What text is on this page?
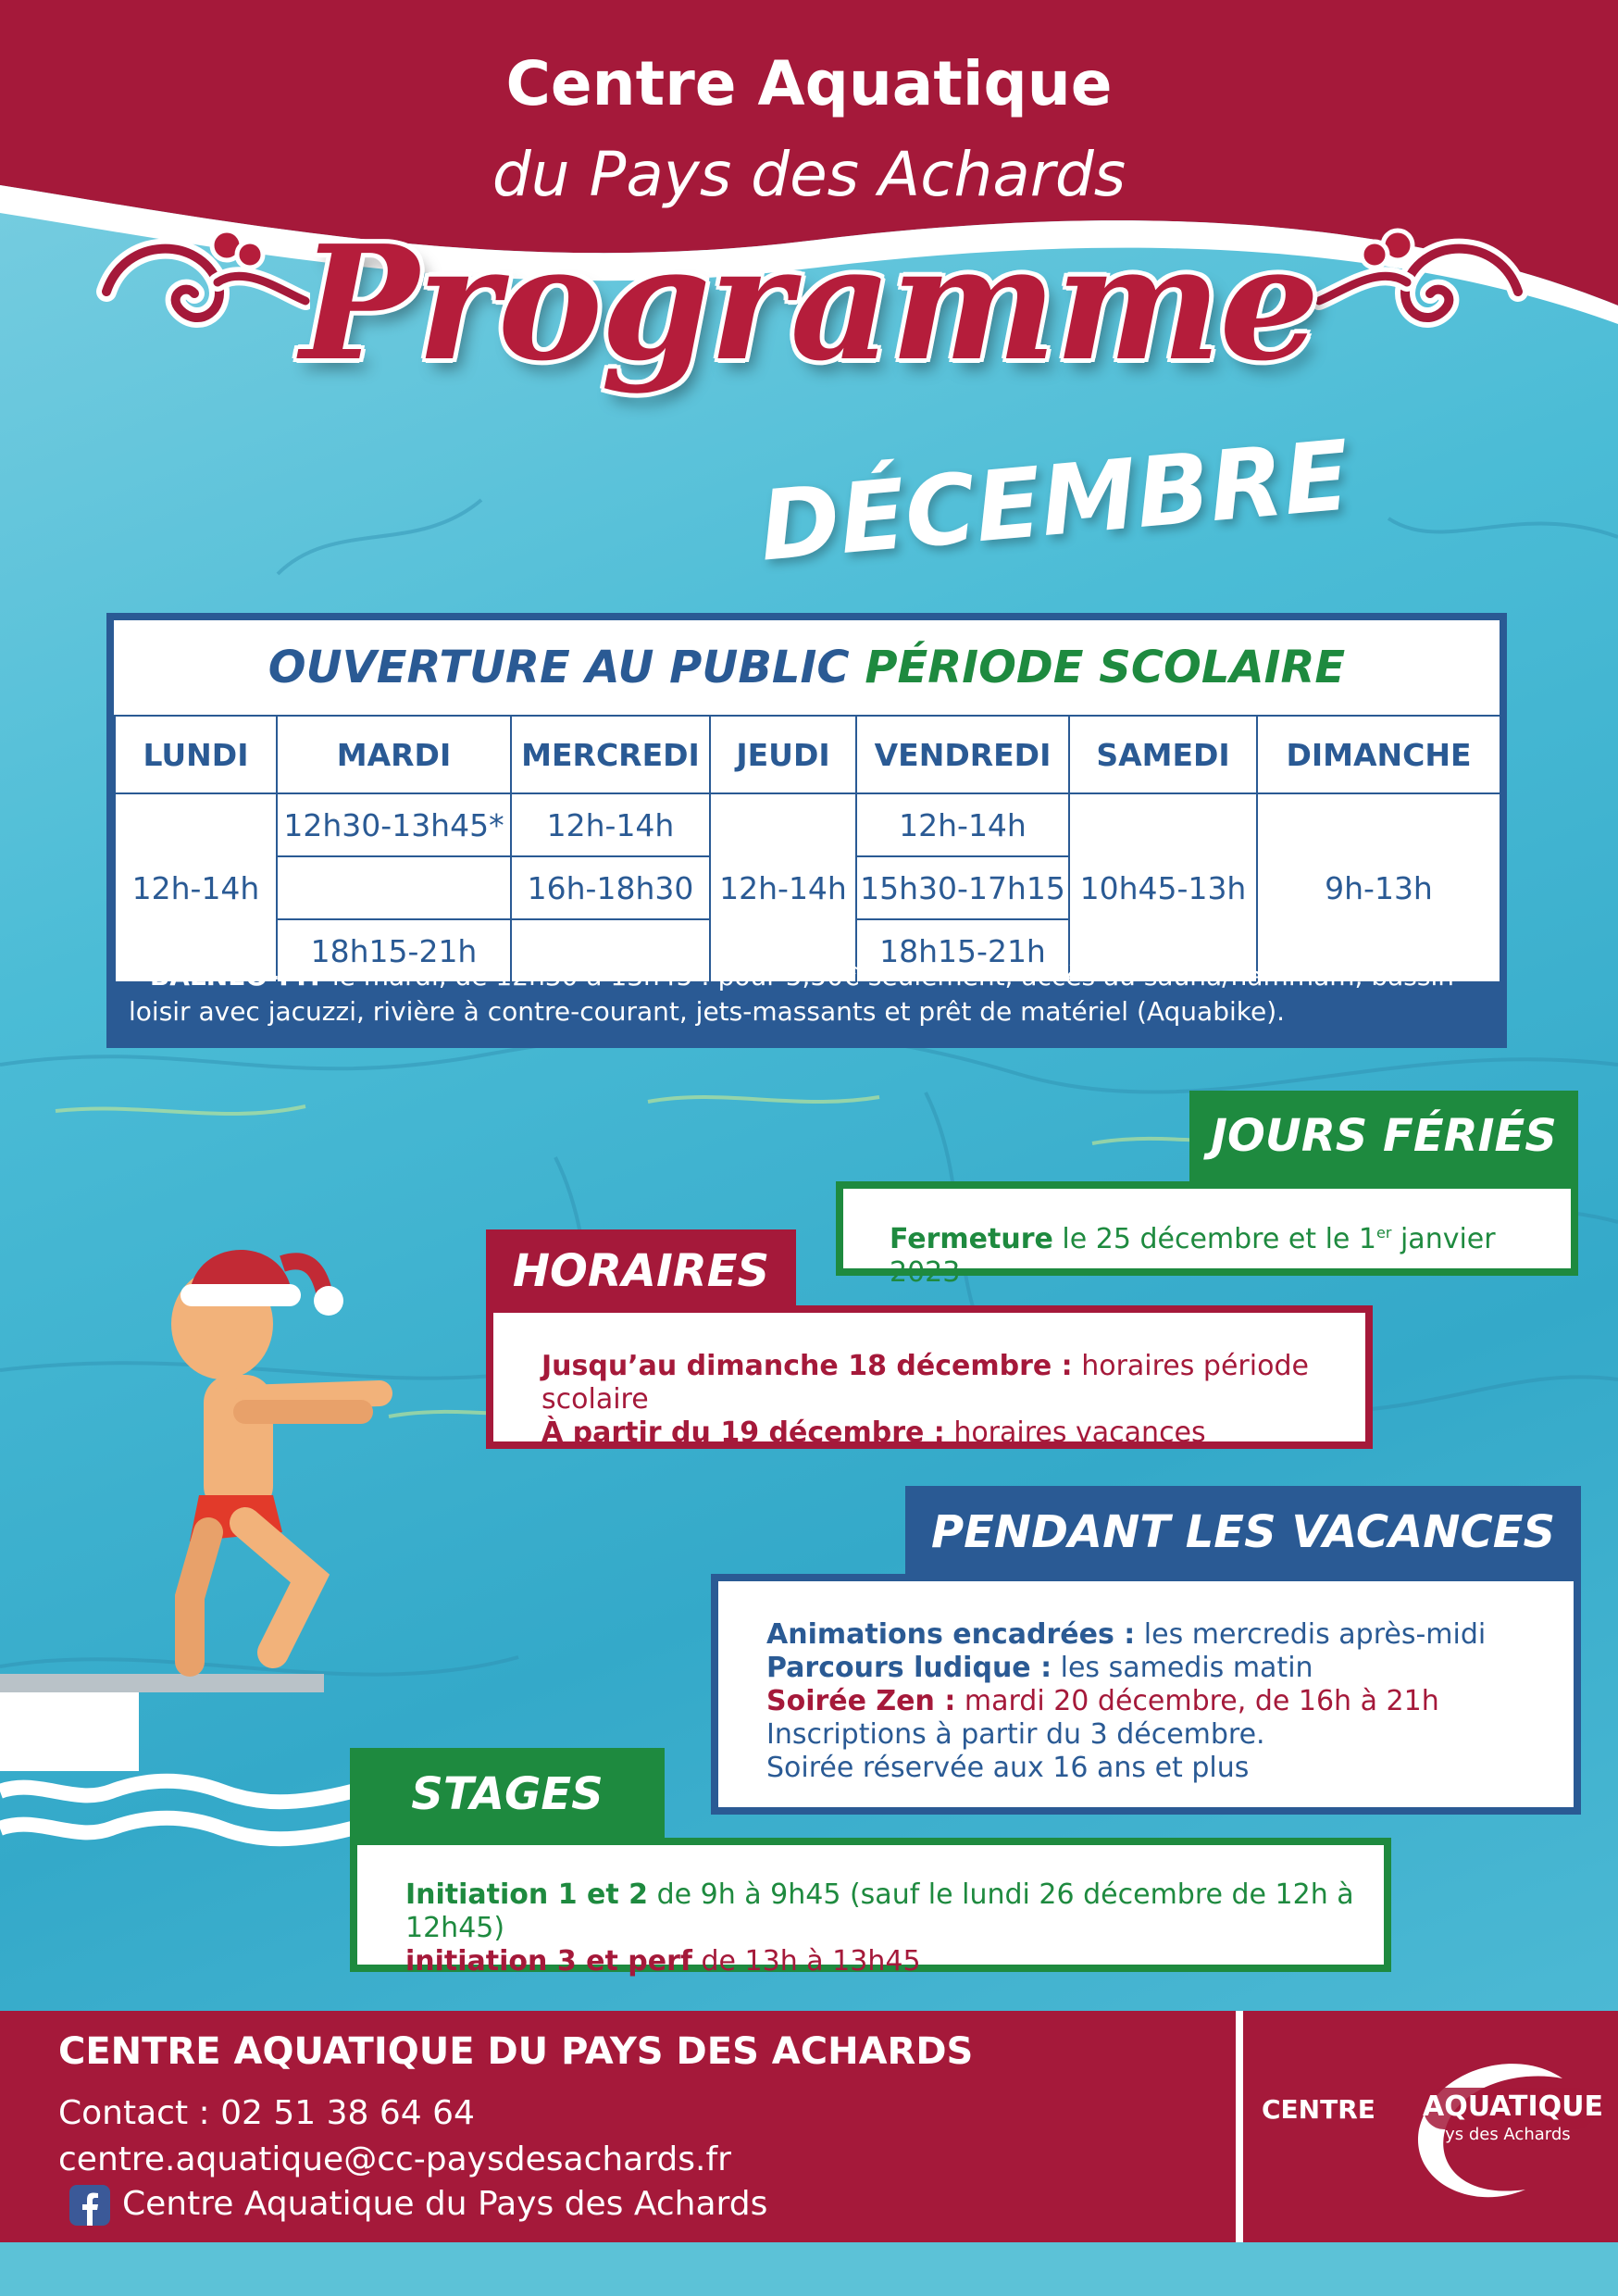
Centre Aquatique
du Pays des Achards
Programme
DÉCEMBRE
OUVERTURE AU PUBLIC PÉRIODE SCOLAIRE
LUNDI	MARDI	MERCREDI	JEUDI	VENDREDI	SAMEDI	DIMANCHE
12h-14h	12h30-13h45*	12h-14h	12h-14h	12h-14h	10h45-13h	9h-13h
		16h-18h30		15h30-17h15		
	18h15-21h			18h15-21h		
* BALNÉO-FIT le mardi, de 12h30 à 13h45 : pour 5,50€ seulement, accès au sauna/hammam, bassin
loisir avec jacuzzi, rivière à contre-courant, jets-massants et prêt de matériel (Aquabike).
JOURS FÉRIÉS
Fermeture le 25 décembre et le 1er janvier 2023
HORAIRES
Jusqu’au dimanche 18 décembre : horaires période scolaire
À partir du 19 décembre : horaires vacances
PENDANT LES VACANCES
Animations encadrées : les mercredis après-midi
Parcours ludique : les samedis matin
Soirée Zen : mardi 20 décembre, de 16h à 21h
Inscriptions à partir du 3 décembre.
Soirée réservée aux 16 ans et plus
STAGES
Initiation 1 et 2 de 9h à 9h45 (sauf le lundi 26 décembre de 12h à 12h45)
initiation 3 et perf de 13h à 13h45
CENTRE AQUATIQUE DU PAYS DES ACHARDS
Contact : 02 51 38 64 64
centre.aquatique@cc-paysdesachards.fr
Centre Aquatique du Pays des Achards
CENTRE AQUATIQUE
Pays des Achards
